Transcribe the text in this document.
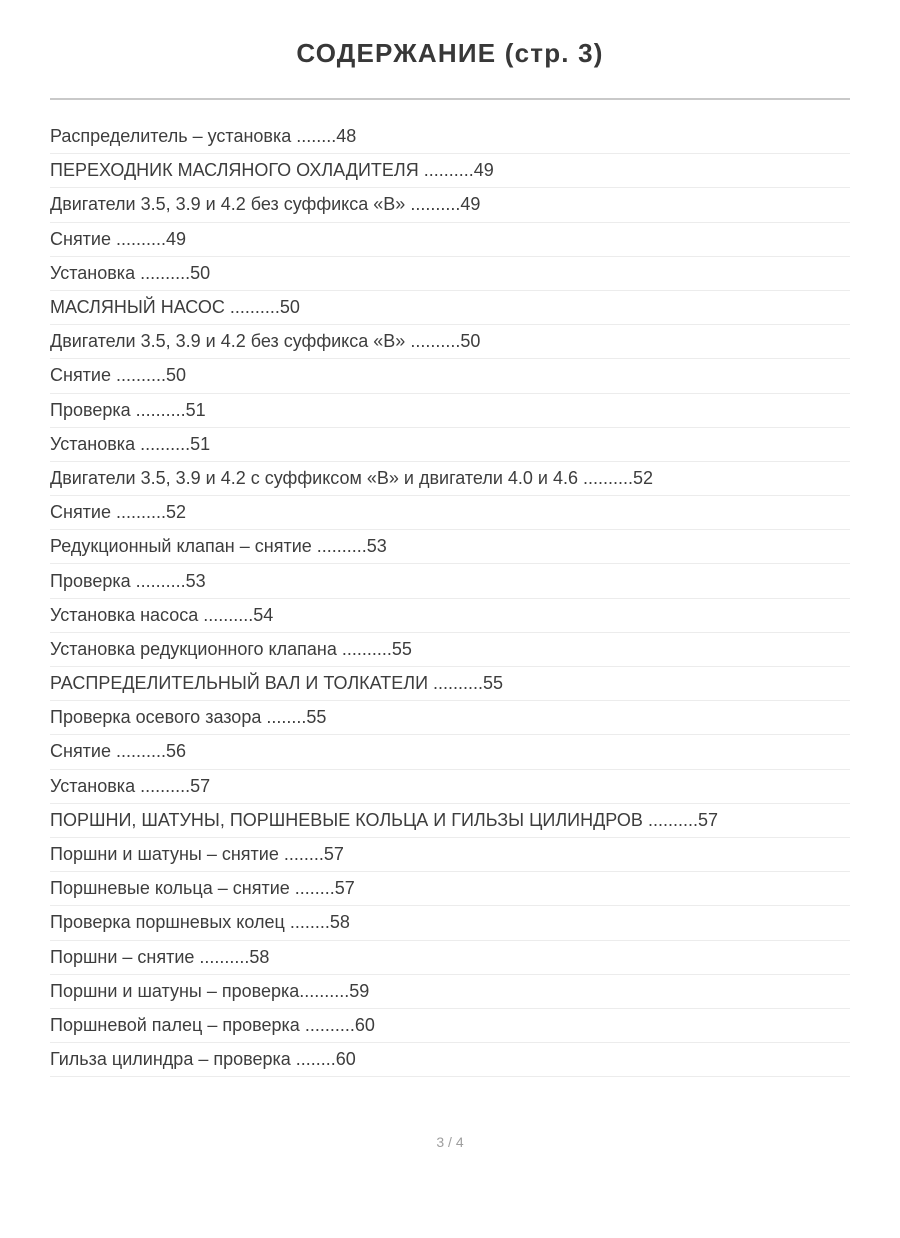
СОДЕРЖАНИЕ (стр. 3)
Распределитель – установка ........ 48
ПЕРЕХОДНИК МАСЛЯНОГО ОХЛАДИТЕЛЯ .......... 49
Двигатели 3.5, 3.9 и 4.2 без суффикса «В» .......... 49
Снятие .......... 49
Установка .......... 50
МАСЛЯНЫЙ НАСОС .......... 50
Двигатели 3.5, 3.9 и 4.2 без суффикса «В» .......... 50
Снятие .......... 50
Проверка .......... 51
Установка .......... 51
Двигатели 3.5, 3.9 и 4.2 с суффиксом «В» и двигатели 4.0 и 4.6 .......... 52
Снятие .......... 52
Редукционный клапан – снятие .......... 53
Проверка .......... 53
Установка насоса .......... 54
Установка редукционного клапана .......... 55
РАСПРЕДЕЛИТЕЛЬНЫЙ ВАЛ И ТОЛКАТЕЛИ .......... 55
Проверка осевого зазора ........ 55
Снятие .......... 56
Установка .......... 57
ПОРШНИ, ШАТУНЫ, ПОРШНЕВЫЕ КОЛЬЦА И ГИЛЬЗЫ ЦИЛИНДРОВ .......... 57
Поршни и шатуны – снятие ........ 57
Поршневые кольца – снятие ........ 57
Проверка поршневых колец ........ 58
Поршни – снятие .......... 58
Поршни и шатуны – проверка .......... 59
Поршневой палец – проверка .......... 60
Гильза цилиндра – проверка ........ 60
3 / 4
